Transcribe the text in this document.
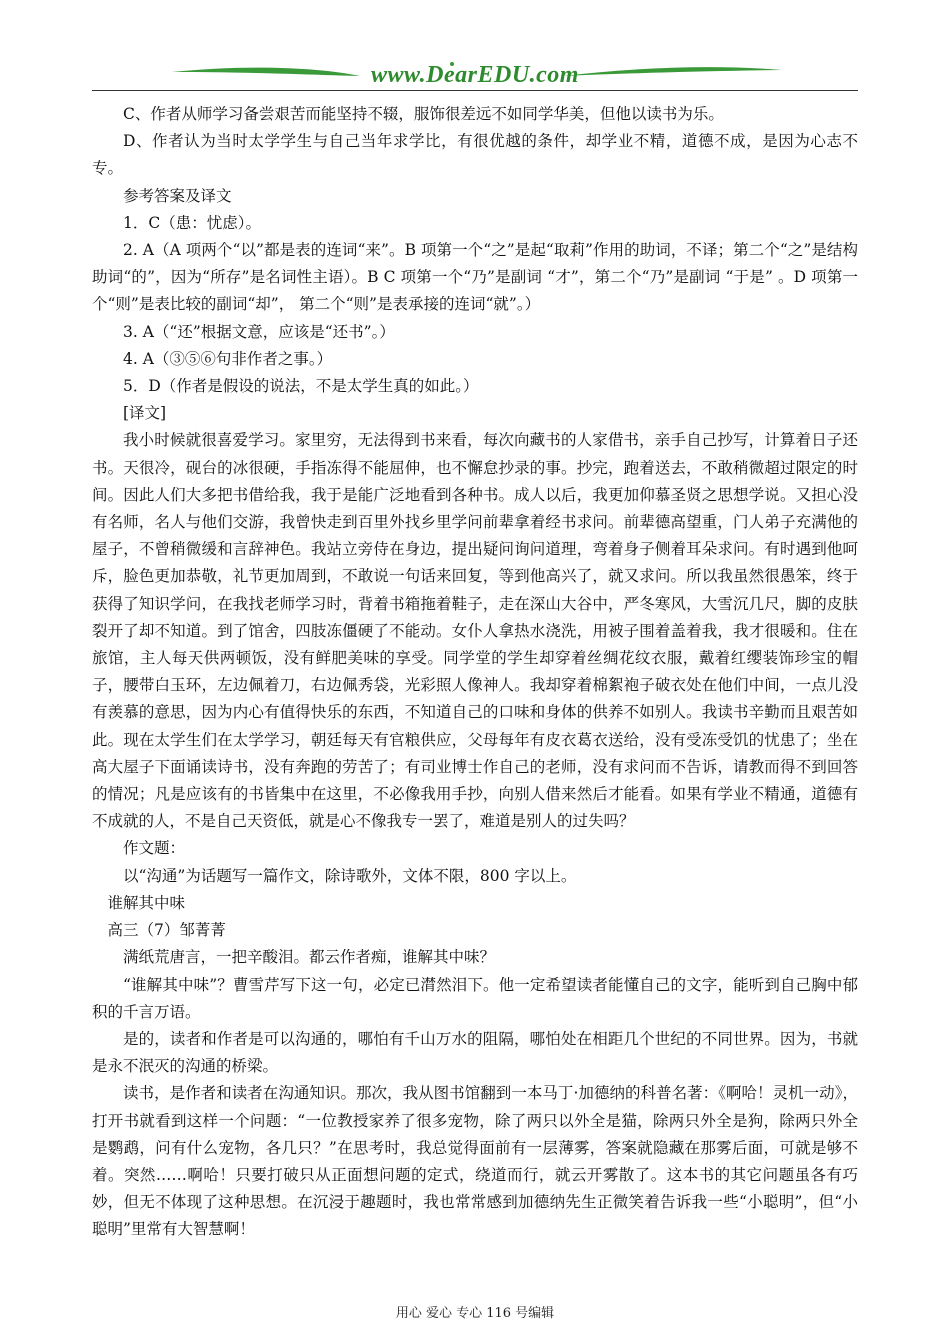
www.DearEDU.com

C、作者从师学习备尝艰苦而能坚持不辍，服饰很差远不如同学华美，但他以读书为乐。

D、作者认为当时太学学生与自己当年求学比，有很优越的条件，却学业不精，道德不成，是因为心志不专。

参考答案及译文

1．C（患：忧虑）。

2. A（A 项两个“以”都是表的连词“来”。B 项第一个“之”是起“取莉”作用的助词，不译；第二个“之”是结构助词“的”，因为“所存”是名词性主语）。B C 项第一个“乃”是副词 “才”，第二个“乃”是副词 “于是” 。D 项第一个“则”是表比较的副词“却”， 第二个“则”是表承接的连词“就”。）

3. A（“还”根据文意，应该是“还书”。）

4. A（③⑤⑥句非作者之事。）

5．D（作者是假设的说法，不是太学生真的如此。）

[译文]

我小时候就很喜爱学习。家里穷，无法得到书来看，每次向藏书的人家借书，亲手自己抄写，计算着日子还书。天很冷，砚台的冰很硬，手指冻得不能屈伸，也不懈怠抄录的事。抄完，跑着送去，不敢稍微超过限定的时间。因此人们大多把书借给我，我于是能广泛地看到各种书。成人以后，我更加仰慕圣贤之思想学说。又担心没有名师，名人与他们交游，我曾快走到百里外找乡里学问前辈拿着经书求问。前辈德高望重，门人弟子充满他的屋子，不曾稍微缓和言辞神色。我站立旁侍在身边，提出疑问询问道理，弯着身子侧着耳朵求问。有时遇到他呵斥，脸色更加恭敬，礼节更加周到，不敢说一句话来回复，等到他高兴了，就又求问。所以我虽然很愚笨，终于获得了知识学问，在我找老师学习时，背着书箱拖着鞋子，走在深山大谷中，严冬寒风，大雪沉几尺，脚的皮肤裂开了却不知道。到了馆舍，四肢冻僵硬了不能动。女仆人拿热水浇洗，用被子围着盖着我，我才很暖和。住在旅馆，主人每天供两顿饭，没有鲜肥美味的享受。同学堂的学生却穿着丝绸花纹衣服，戴着红缨装饰珍宝的帽子，腰带白玉环，左边佩着刀，右边佩秀袋，光彩照人像神人。我却穿着棉絮袍子破衣处在他们中间，一点儿没有羡慕的意思，因为内心有值得快乐的东西，不知道自己的口味和身体的供养不如别人。我读书辛勤而且艰苦如此。现在太学生们在太学学习，朝廷每天有官粮供应，父母每年有皮衣葛衣送给，没有受冻受饥的忧患了；坐在高大屋子下面诵读诗书，没有奔跑的劳苦了；有司业博士作自己的老师，没有求问而不告诉，请教而得不到回答的情况；凡是应该有的书皆集中在这里，不必像我用手抄，向别人借来然后才能看。如果有学业不精通，道德有不成就的人，不是自己天资低，就是心不像我专一罢了，难道是别人的过失吗？

作文题：

以“沟通”为话题写一篇作文，除诗歌外，文体不限，800 字以上。

谁解其中味

高三（7）邹菁菁

满纸荒唐言，一把辛酸泪。都云作者痴，谁解其中味？

“谁解其中味”？曹雪芹写下这一句，必定已潸然泪下。他一定希望读者能懂自己的文字，能听到自己胸中郁积的千言万语。

是的，读者和作者是可以沟通的，哪怕有千山万水的阻隔，哪怕处在相距几个世纪的不同世界。因为，书就是永不泯灭的沟通的桥梁。

读书，是作者和读者在沟通知识。那次，我从图书馆翻到一本马丁·加德纳的科普名著：《啊哈！灵机一动》，打开书就看到这样一个问题：“一位教授家养了很多宠物，除了两只以外全是猫，除两只外全是狗，除两只外全是鹦鹉，问有什么宠物，各几只？”在思考时，我总觉得面前有一层薄雾，答案就隐藏在那雾后面，可就是够不着。突然……啊哈！只要打破只从正面想问题的定式，绕道而行，就云开雾散了。这本书的其它问题虽各有巧妙，但无不体现了这种思想。在沉浸于趣题时，我也常常感到加德纳先生正微笑着告诉我一些“小聪明”，但“小聪明”里常有大智慧啊！

用心 爱心 专心 116 号编辑
